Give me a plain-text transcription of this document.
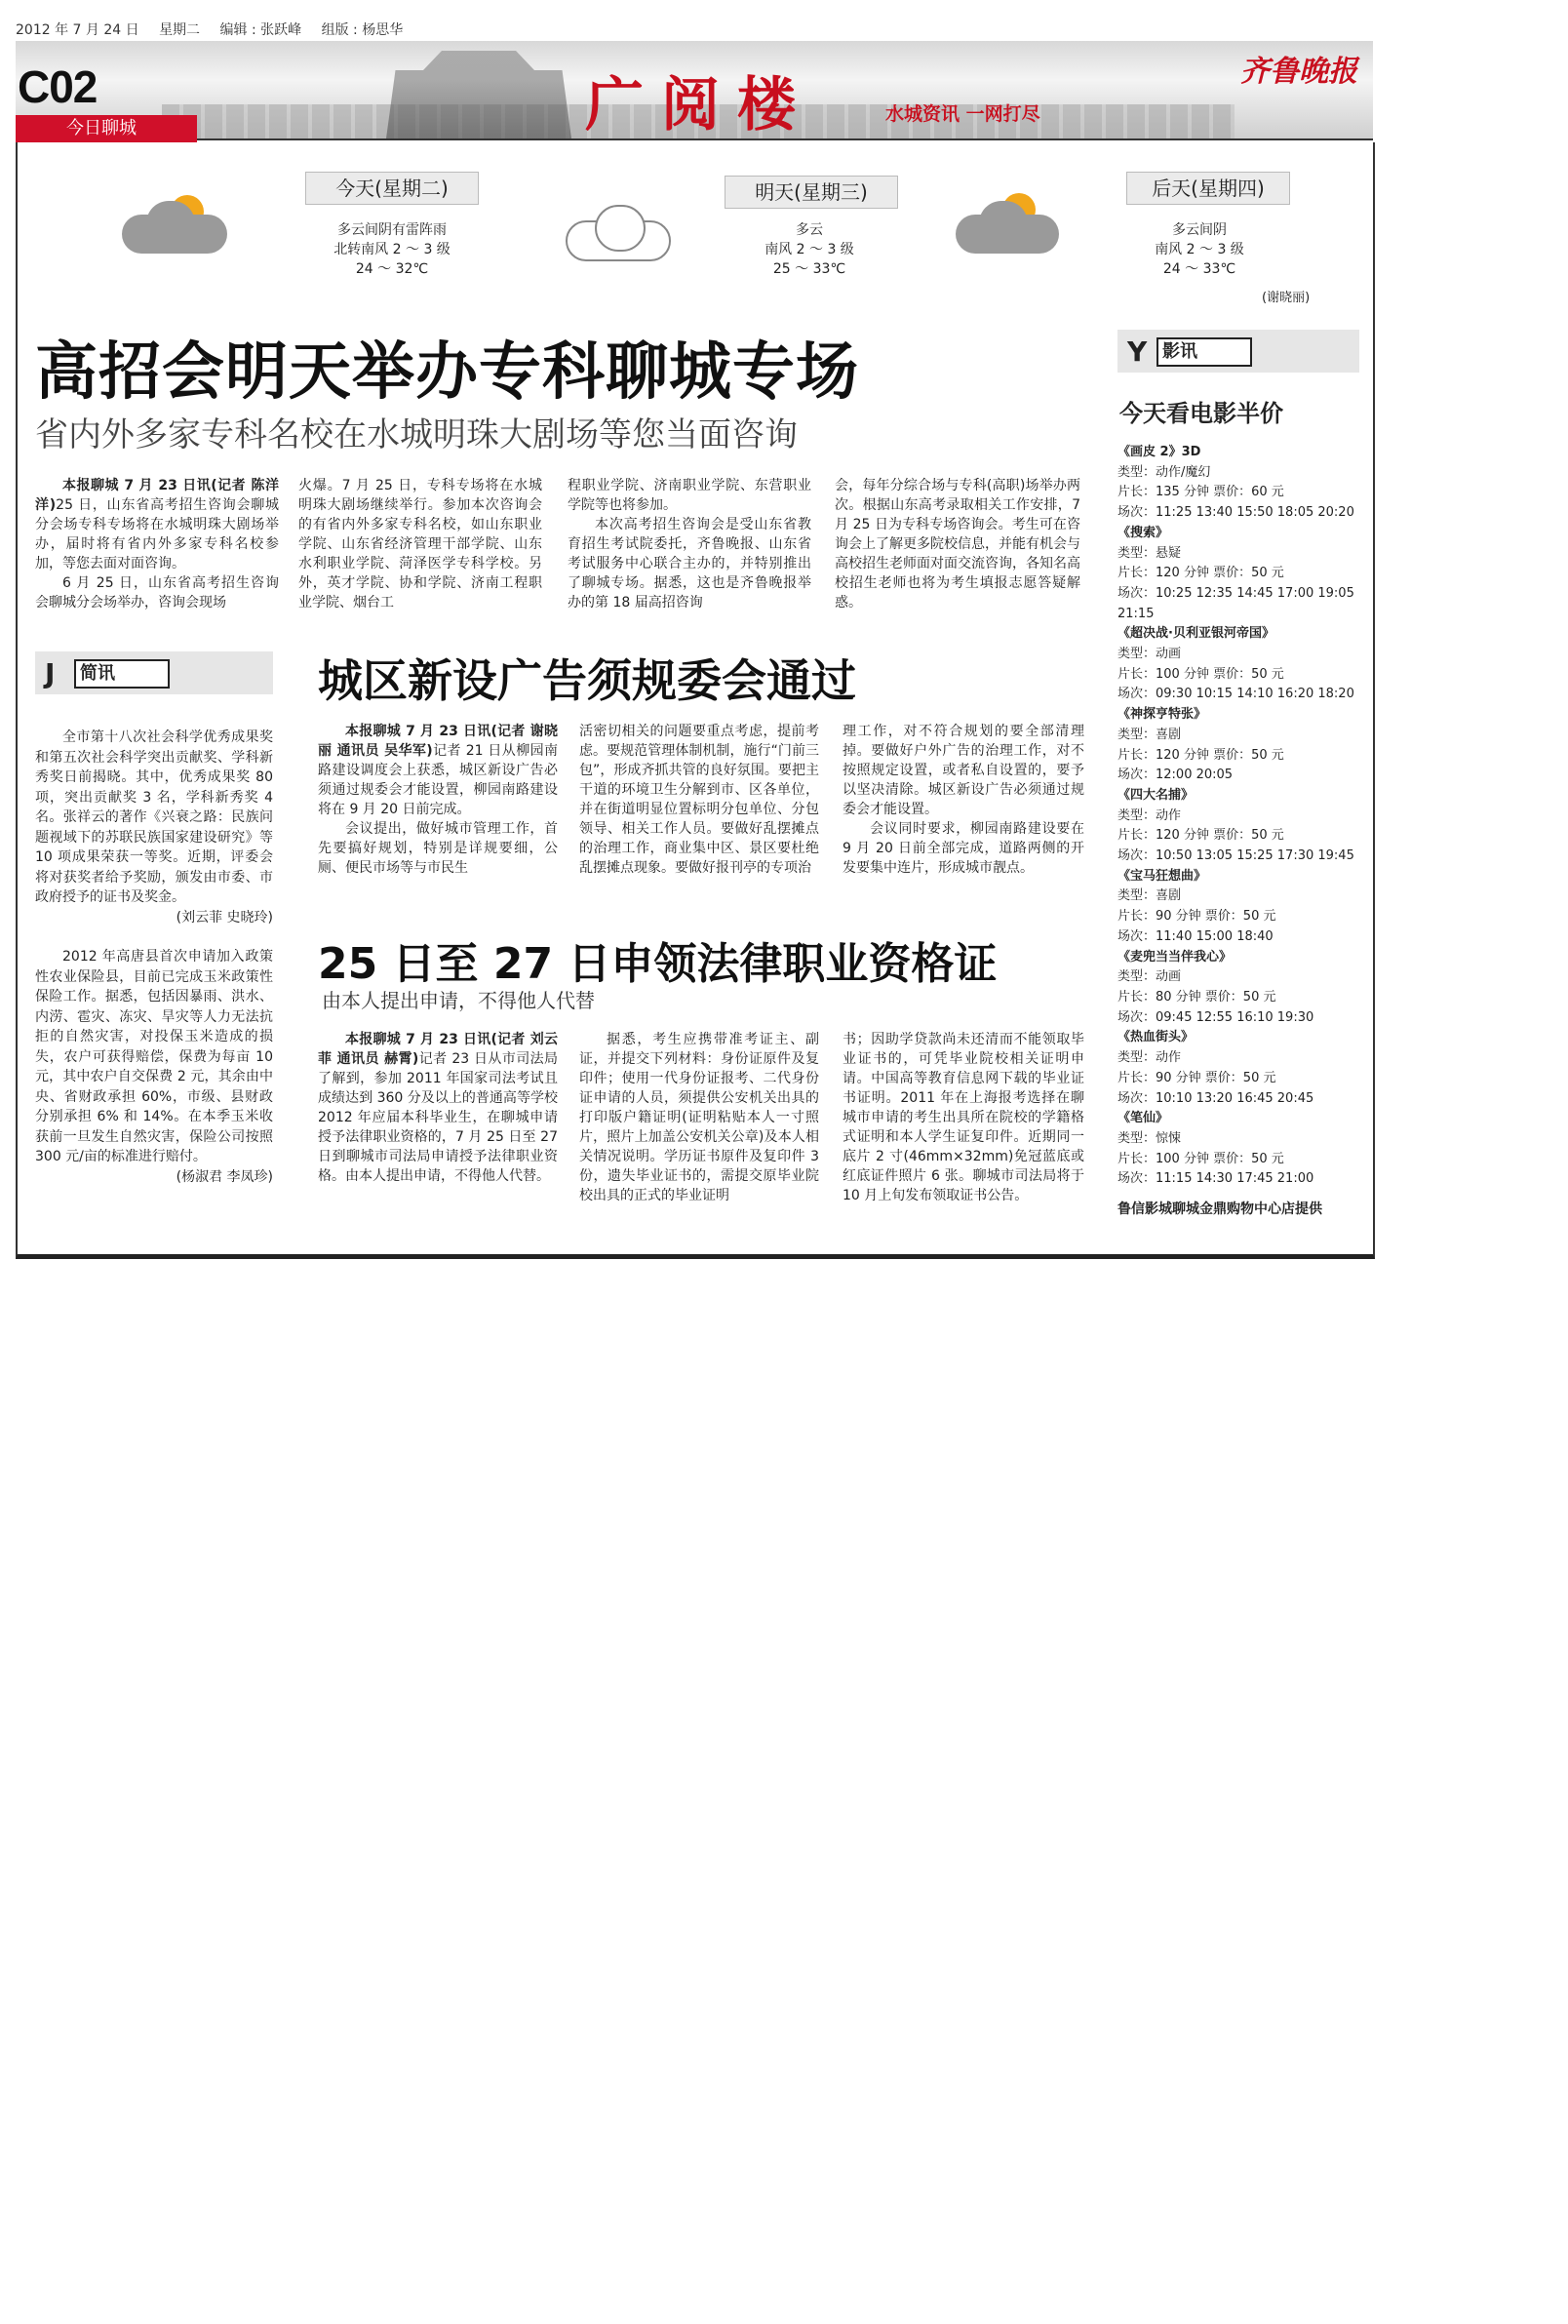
2012 年 7 月 24 日 星期二 编辑 : 张跃峰 组版 : 杨思华
C02
今日聊城	广阅楼	水城资讯 一网打尽
齐鲁晚报
今天(星期二)
多云间阴有雷阵雨
北转南风 2 ～ 3 级
24 ～ 32℃
明天(星期三)
多云
南风 2 ～ 3 级
25 ～ 33℃
后天(星期四)
多云间阴
南风 2 ～ 3 级
24 ～ 33℃
(谢晓丽)
高招会明天举办专科聊城专场
省内外多家专科名校在水城明珠大剧场等您当面咨询

本报聊城 7 月 23 日讯(记者 陈洋洋)25 日，山东省高考招生咨询会聊城分会场专科专场将在水城明珠大剧场举办，届时将有省内外多家专科名校参加，等您去面对面咨询。

6 月 25 日，山东省高考招生咨询会聊城分会场举办，咨询会现场

火爆。7 月 25 日，专科专场将在水城明珠大剧场继续举行。参加本次咨询会的有省内外多家专科名校，如山东职业学院、山东省经济管理干部学院、山东水利职业学院、菏泽医学专科学校。另外，英才学院、协和学院、济南工程职业学院、烟台工

程职业学院、济南职业学院、东营职业学院等也将参加。

本次高考招生咨询会是受山东省教育招生考试院委托，齐鲁晚报、山东省考试服务中心联合主办的，并特别推出了聊城专场。据悉，这也是齐鲁晚报举办的第 18 届高招咨询

会，每年分综合场与专科(高职)场举办两次。根据山东高考录取相关工作安排，7 月 25 日为专科专场咨询会。考生可在咨询会上了解更多院校信息，并能有机会与高校招生老师面对面交流咨询，各知名高校招生老师也将为考生填报志愿答疑解惑。

J	简讯

全市第十八次社会科学优秀成果奖和第五次社会科学突出贡献奖、学科新秀奖日前揭晓。其中，优秀成果奖 80 项，突出贡献奖 3 名，学科新秀奖 4 名。张祥云的著作《兴衰之路：民族问题视域下的苏联民族国家建设研究》等 10 项成果荣获一等奖。近期，评委会将对获奖者给予奖励，颁发由市委、市政府授予的证书及奖金。

(刘云菲 史晓玲)

2012 年高唐县首次申请加入政策性农业保险县，目前已完成玉米政策性保险工作。据悉，包括因暴雨、洪水、内涝、雹灾、冻灾、旱灾等人力无法抗拒的自然灾害，对投保玉米造成的损失，农户可获得赔偿，保费为每亩 10 元，其中农户自交保费 2 元，其余由中央、省财政承担 60%，市级、县财政分别承担 6% 和 14%。在本季玉米收获前一旦发生自然灾害，保险公司按照 300 元/亩的标准进行赔付。

(杨淑君 李凤珍)

城区新设广告须规委会通过

本报聊城 7 月 23 日讯(记者 谢晓丽 通讯员 吴华军)记者 21 日从柳园南路建设调度会上获悉，城区新设广告必须通过规委会才能设置，柳园南路建设将在 9 月 20 日前完成。

会议提出，做好城市管理工作，首先要搞好规划，特别是详规要细，公厕、便民市场等与市民生

活密切相关的问题要重点考虑，提前考虑。要规范管理体制机制，施行“门前三包”，形成齐抓共管的良好氛围。要把主干道的环境卫生分解到市、区各单位，并在街道明显位置标明分包单位、分包领导、相关工作人员。要做好乱摆摊点的治理工作，商业集中区、景区要杜绝乱摆摊点现象。要做好报刊亭的专项治

理工作，对不符合规划的要全部清理掉。要做好户外广告的治理工作，对不按照规定设置，或者私自设置的，要予以坚决清除。城区新设广告必须通过规委会才能设置。

会议同时要求，柳园南路建设要在 9 月 20 日前全部完成，道路两侧的开发要集中连片，形成城市靓点。

25 日至 27 日申领法律职业资格证
由本人提出申请，不得他人代替

本报聊城 7 月 23 日讯(记者 刘云菲 通讯员 赫霄)记者 23 日从市司法局了解到，参加 2011 年国家司法考试且成绩达到 360 分及以上的普通高等学校 2012 年应届本科毕业生，在聊城申请授予法律职业资格的，7 月 25 日至 27 日到聊城市司法局申请授予法律职业资格。由本人提出申请，不得他人代替。

据悉，考生应携带准考证主、副证，并提交下列材料：身份证原件及复印件；使用一代身份证报考、二代身份证申请的人员，须提供公安机关出具的打印版户籍证明(证明粘贴本人一寸照片，照片上加盖公安机关公章)及本人相关情况说明。学历证书原件及复印件 3 份，遗失毕业证书的，需提交原毕业院校出具的正式的毕业证明

书；因助学贷款尚未还清而不能领取毕业证书的，可凭毕业院校相关证明申请。中国高等教育信息网下载的毕业证书证明。2011 年在上海报考选择在聊城市申请的考生出具所在院校的学籍格式证明和本人学生证复印件。近期同一底片 2 寸(46mm×32mm)免冠蓝底或红底证件照片 6 张。聊城市司法局将于 10 月上旬发布领取证书公告。

Y 影讯
今天看电影半价
《画皮 2》3D
类型：动作/魔幻
片长：135 分钟 票价：60 元
场次：11:25 13:40 15:50 18:05 20:20
《搜索》
类型：悬疑
片长：120 分钟 票价：50 元
场次：10:25 12:35 14:45 17:00 19:05
21:15
《超决战·贝利亚银河帝国》
类型：动画
片长：100 分钟 票价：50 元
场次：09:30 10:15 14:10 16:20 18:20
《神探亨特张》
类型：喜剧
片长：120 分钟 票价：50 元
场次：12:00 20:05
《四大名捕》
类型：动作
片长：120 分钟 票价：50 元
场次：10:50 13:05 15:25 17:30 19:45
《宝马狂想曲》
类型：喜剧
片长：90 分钟 票价：50 元
场次：11:40 15:00 18:40
《麦兜当当伴我心》
类型：动画
片长：80 分钟 票价：50 元
场次：09:45 12:55 16:10 19:30
《热血街头》
类型：动作
片长：90 分钟 票价：50 元
场次：10:10 13:20 16:45 20:45
《笔仙》
类型：惊悚
片长：100 分钟 票价：50 元
场次：11:15 14:30 17:45 21:00
鲁信影城聊城金鼎购物中心店提供
